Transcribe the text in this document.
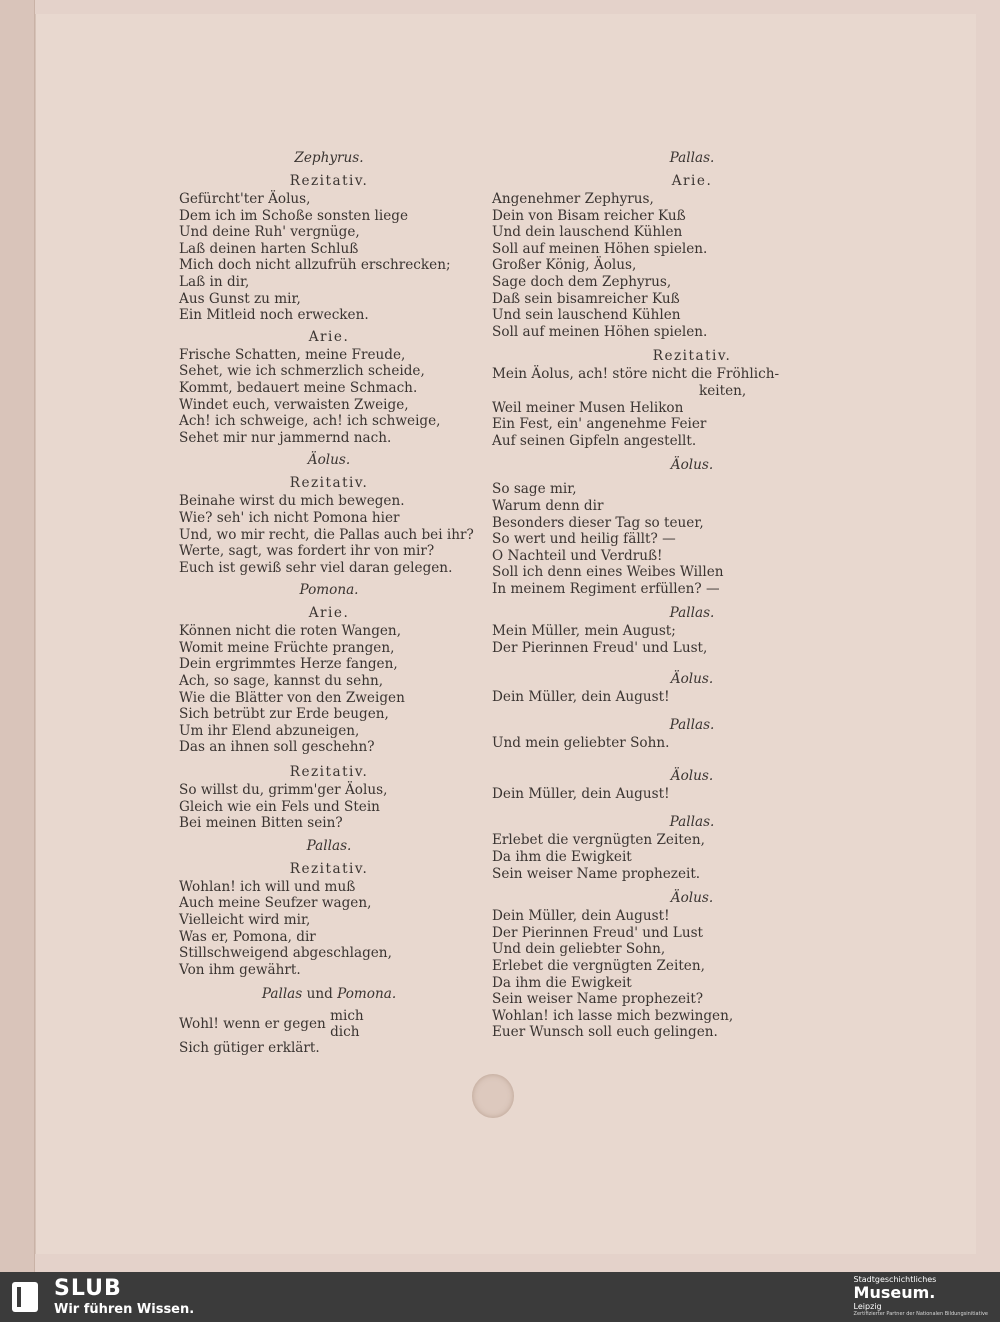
Zephyrus.
Rezitativ.
Gefürcht'ter Äolus,
Dem ich im Schoße sonsten liege
Und deine Ruh' vergnüge,
Laß deinen harten Schluß
Mich doch nicht allzufrüh erschrecken;
Laß in dir,
Aus Gunst zu mir,
Ein Mitleid noch erwecken.
Arie.
Frische Schatten, meine Freude,
Sehet, wie ich schmerzlich scheide,
Kommt, bedauert meine Schmach.
Windet euch, verwaisten Zweige,
Ach! ich schweige, ach! ich schweige,
Sehet mir nur jammernd nach.
Äolus.
Rezitativ.
Beinahe wirst du mich bewegen.
Wie? seh' ich nicht Pomona hier
Und, wo mir recht, die Pallas auch bei ihr?
Werte, sagt, was fordert ihr von mir?
Euch ist gewiß sehr viel daran gelegen.
Pomona.
Arie.
Können nicht die roten Wangen,
Womit meine Früchte prangen,
Dein ergrimmtes Herze fangen,
Ach, so sage, kannst du sehn,
Wie die Blätter von den Zweigen
Sich betrübt zur Erde beugen,
Um ihr Elend abzuneigen,
Das an ihnen soll geschehn?
Rezitativ.
So willst du, grimm'ger Äolus,
Gleich wie ein Fels und Stein
Bei meinen Bitten sein?
Pallas.
Rezitativ.
Wohlan! ich will und muß
Auch meine Seufzer wagen,
Vielleicht wird mir,
Was er, Pomona, dir
Stillschweigend abgeschlagen,
Von ihm gewährt.
Pallas und Pomona.
Wohl! wenn er gegen mich
dich
Sich gütiger erklärt.
Pallas.
Arie.
Angenehmer Zephyrus,
Dein von Bisam reicher Kuß
Und dein lauschend Kühlen
Soll auf meinen Höhen spielen.
Großer König, Äolus,
Sage doch dem Zephyrus,
Daß sein bisamreicher Kuß
Und sein lauschend Kühlen
Soll auf meinen Höhen spielen.
Rezitativ.
Mein Äolus, ach! störe nicht die Fröhlich-
keiten,
Weil meiner Musen Helikon
Ein Fest, ein' angenehme Feier
Auf seinen Gipfeln angestellt.
Äolus.
So sage mir,
Warum denn dir
Besonders dieser Tag so teuer,
So wert und heilig fällt? —
O Nachteil und Verdruß!
Soll ich denn eines Weibes Willen
In meinem Regiment erfüllen? —
Pallas.
Mein Müller, mein August;
Der Pierinnen Freud' und Lust,
Äolus.
Dein Müller, dein August!
Pallas.
Und mein geliebter Sohn.
Äolus.
Dein Müller, dein August!
Pallas.
Erlebet die vergnügten Zeiten,
Da ihm die Ewigkeit
Sein weiser Name prophezeit.
Äolus.
Dein Müller, dein August!
Der Pierinnen Freud' und Lust
Und dein geliebter Sohn,
Erlebet die vergnügten Zeiten,
Da ihm die Ewigkeit
Sein weiser Name prophezeit?
Wohlan! ich lasse mich bezwingen,
Euer Wunsch soll euch gelingen.
SLUB
Wir führen Wissen.
Stadtgeschichtliches
Museum.
Leipzig
Zertifizierter Partner der Nationalen Bildungsinitiative
